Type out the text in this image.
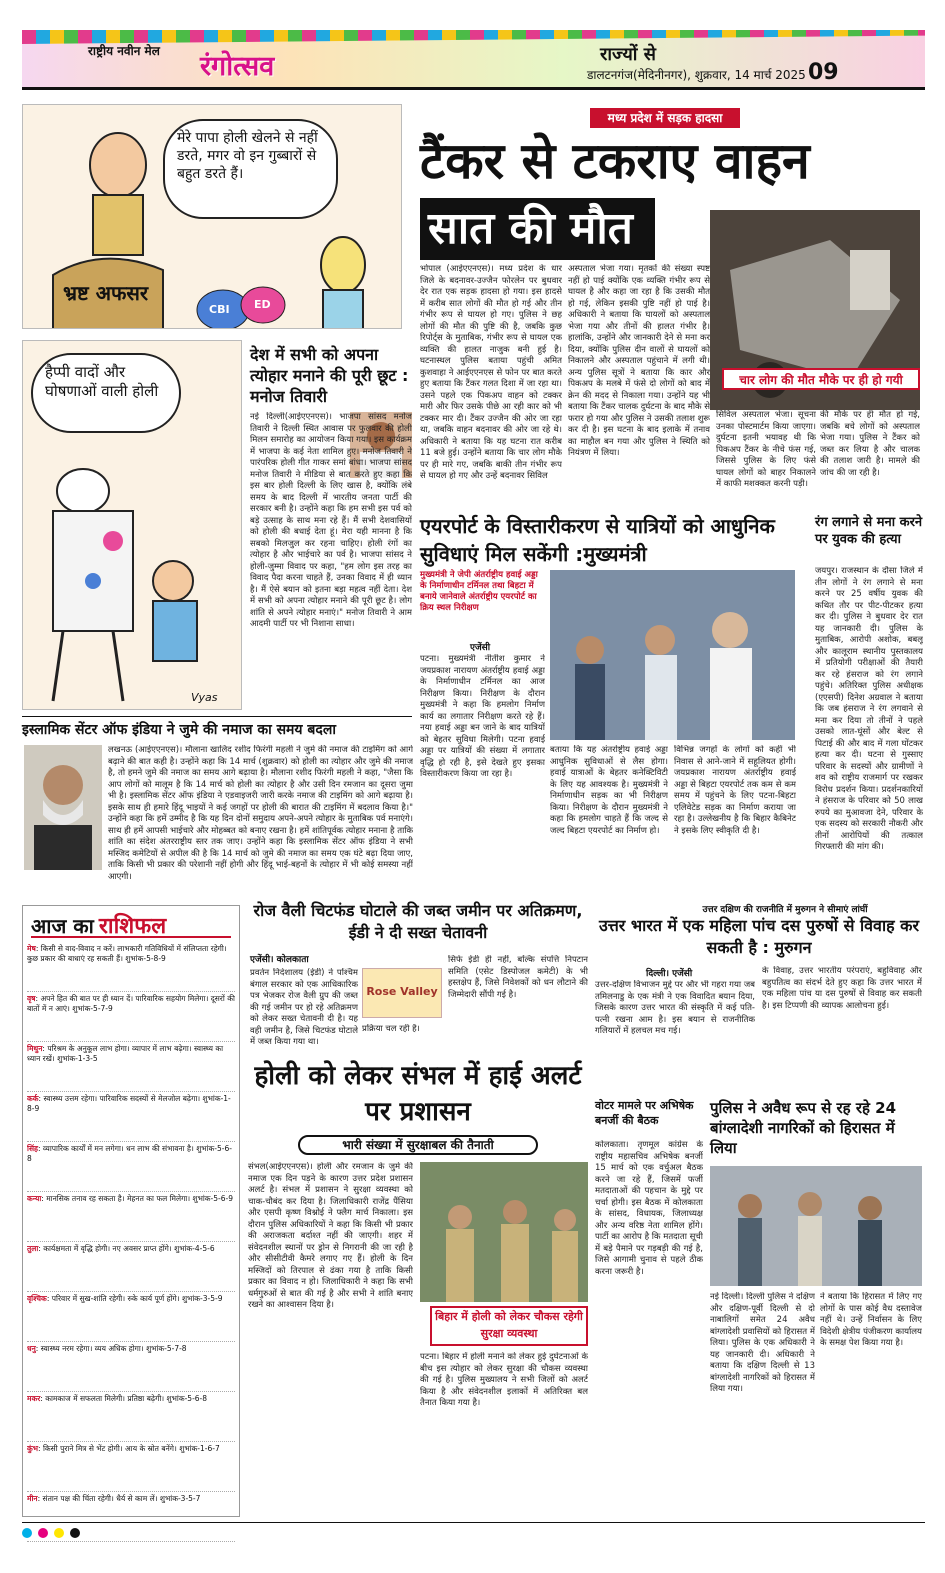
राष्ट्रीय नवीन मेल रंगोत्सव	राज्यों से
डालटनगंज(मेदिनीनगर), शुक्रवार, 14 मार्च 2025 09
मेरे पापा होली खेलने से नहीं डरते, मगर वो इन गुब्बारों से बहुत डरते हैं।
भ्रष्ट अफसर
CBI ED
हैप्पी वादों और घोषणाओं वाली होली
Vyas
मध्य प्रदेश में सड़क हादसा
टैंकर से टकराए वाहन
सात की मौत
भोपाल (आईएएनएस)। मध्य प्रदेश के धार जिले के बदनावर-उज्जैन फोरलेन पर बुधवार देर रात एक सड़क हादसा हो गया। इस हादसे में करीब सात लोगों की मौत हो गई और तीन गंभीर रूप से घायल हो गए। पुलिस ने छह लोगों की मौत की पुष्टि की है, जबकि कुछ रिपोर्ट्स के मुताबिक, गंभीर रूप से घायल एक व्यक्ति की हालत नाजुक बनी हुई है। घटनास्थल पुलिस बताया पहुंची अमित कुशवाहा ने आईएएनएस से फोन पर बात करते हुए बताया कि टैंकर गलत दिशा में जा रहा था। उसने पहले एक पिकअप वाहन को टक्कर मारी और फिर उसके पीछे आ रही कार को भी टक्कर मार दी। टैंकर उज्जैन की ओर जा रहा था, जबकि वाहन बदनावर की ओर जा रहे थे। अधिकारी ने बताया कि यह घटना रात करीब 11 बजे हुई। उन्होंने बताया कि चार लोग मौके पर ही मारे गए, जबकि बाकी तीन गंभीर रूप से घायल हो गए और उन्हें बदनावर सिविल
अस्पताल भेजा गया। मृतकों की संख्या स्पष्ट नहीं हो पाई क्योंकि एक व्यक्ति गंभीर रूप से घायल है और कहा जा रहा है कि उसकी मौत हो गई, लेकिन इसकी पुष्टि नहीं हो पाई है। अधिकारी ने बताया कि घायलों को अस्पताल भेजा गया और तीनों की हालत गंभीर है। हालांकि, उन्होंने और जानकारी देने से मना कर दिया, क्योंकि पुलिस दीन वालों से घायलों को निकालने और अस्पताल पहुंचाने में लगी थी। अन्य पुलिस सूत्रों ने बताया कि कार और पिकअप के मलबे में फंसे दो लोगों को बाद में क्रेन की मदद से निकाला गया। उन्होंने यह भी बताया कि टैंकर चालक दुर्घटना के बाद मौके से फरार हो गया और पुलिस ने उसकी तलाश शुरू कर दी है। इस घटना के बाद इलाके में तनाव का माहौल बन गया और पुलिस ने स्थिति को नियंत्रण में लिया।
चार लोग की मौत मौके पर ही हो गयी
सिविल अस्पताल भेजा। सूचना उनका पोस्टमार्टम किया जाएगा। दुर्घटना इतनी भयावह थी कि पिकअप टैंकर के नीचे फंस गई, जिससे पुलिस के लिए फंसे घायल लोगों को बाहर निकालने में काफी मशक्कत करनी पड़ी।
की मौके पर ही मौत हो गई, जबकि बचे लोगों को अस्पताल भेजा गया। पुलिस ने टैंकर को जब्त कर लिया है और चालक की तलाश जारी है। मामले की जांच की जा रही है।
देश में सभी को अपना त्योहार मनाने की पूरी छूट : मनोज तिवारी
नई दिल्ली(आईएएनएस)। भाजपा सांसद मनोज तिवारी ने दिल्ली स्थित आवास पर फुलवार की होली मिलन समारोह का आयोजन किया गया। इस कार्यक्रम में भाजपा के कई नेता शामिल हुए। मनोज तिवारी ने पारंपरिक होली गीत गाकर समां बांधा। भाजपा सांसद मनोज तिवारी ने मीडिया से बात करते हुए कहा कि इस बार होली दिल्ली के लिए खास है, क्योंकि लंबे समय के बाद दिल्ली में भारतीय जनता पार्टी की सरकार बनी है। उन्होंने कहा कि हम सभी इस पर्व को बड़े उत्साह के साथ मना रहे हैं। मैं सभी देशवासियों को होली की बधाई देता हूं। मेरा यही मानना है कि सबको मिलजुल कर रहना चाहिए। होली रंगों का त्योहार है और भाईचारे का पर्व है। भाजपा सांसद ने होली-जुम्मा विवाद पर कहा, "हम लोग इस तरह का विवाद पैदा करना चाहते हैं, उनका विवाद में ही ध्यान है। मैं ऐसे बयान को इतना बड़ा महत्व नहीं देता। देश में सभी को अपना त्योहार मनाने की पूरी छूट है। लोग शांति से अपने त्योहार मनाएं।" मनोज तिवारी ने आम आदमी पार्टी पर भी निशाना साधा।
इस्लामिक सेंटर ऑफ इंडिया ने जुमे की नमाज का समय बदला
लखनऊ (आईएएनएस)। मौलाना खालिद रशीद फिरंगी महली ने जुमे की नमाज की टाइमिंग को आगे बढ़ाने की बात कही है। उन्होंने कहा कि 14 मार्च (शुक्रवार) को होली का त्योहार और जुमे की नमाज है, तो हमने जुमे की नमाज का समय आगे बढ़ाया है। मौलाना रशीद फिरंगी महली ने कहा, "जैसा कि आप लोगों को मालूम है कि 14 मार्च को होली का त्योहार है और उसी दिन रमजान का दूसरा जुमा भी है। इस्लामिक सेंटर ऑफ इंडिया ने एडवाइजरी जारी करके नमाज की टाइमिंग को आगे बढ़ाया है। इसके साथ ही हमारे हिंदू भाइयों ने कई जगहों पर होली की बारात की टाइमिंग में बदलाव किया है।" उन्होंने कहा कि हमें उम्मीद है कि यह दिन दोनों समुदाय अपने-अपने त्योहार के मुताबिक पर्व मनाएंगे। साथ ही हमें आपसी भाईचारे और मोहब्बत को बनाए रखना है। हमें शांतिपूर्वक त्योहार मनाना है ताकि शांति का संदेश अंतरराष्ट्रीय स्तर तक जाए। उन्होंने कहा कि इस्लामिक सेंटर ऑफ इंडिया ने सभी मस्जिद कमेटियों से अपील की है कि 14 मार्च को जुमे की नमाज का समय एक घंटे बढ़ा दिया जाए, ताकि किसी भी प्रकार की परेशानी नहीं होगी और हिंदू भाई-बहनों के त्योहार में भी कोई समस्या नहीं आएगी।
एयरपोर्ट के विस्तारीकरण से यात्रियों को आधुनिक सुविधाएं मिल सकेंगी :मुख्यमंत्री
मुख्यमंत्री ने जेपी अंतर्राष्ट्रीय हवाई अड्डा के निर्माणाधीन टर्मिनल तथा बिहटा में बनाये जानेवाले अंतर्राष्ट्रीय एयरपोर्ट का क्रिय स्थल निरीक्षण
एजेंसी
पटना। मुख्यमंत्री नीतीश कुमार ने जयप्रकाश नारायण अंतर्राष्ट्रीय हवाई अड्डा के निर्माणाधीन टर्मिनल का आज निरीक्षण किया। निरीक्षण के दौरान मुख्यमंत्री ने कहा कि हमलोग निर्माण कार्य का लगातार निरीक्षण करते रहे हैं। नया हवाई अड्डा बन जाने के बाद यात्रियों को बेहतर सुविधा मिलेगी। पटना हवाई अड्डा पर यात्रियों की संख्या में लगातार वृद्धि हो रही है, इसे देखते हुए इसका विस्तारीकरण किया जा रहा है।
बताया कि यह अंतर्राष्ट्रीय हवाई अड्डा आधुनिक सुविधाओं से लैस होगा। हवाई यात्राओं के बेहतर कनेक्टिविटी के लिए यह आवश्यक है। मुख्यमंत्री ने निर्माणाधीन सड़क का भी निरीक्षण किया। निरीक्षण के दौरान मुख्यमंत्री ने कहा कि हमलोग चाहते हैं कि जल्द से जल्द बिहटा एयरपोर्ट का निर्माण हो।
विभिन्न जगहों के लोगों को कहीं भी निवास से आने-जाने में सहूलियत होगी। जयप्रकाश नारायण अंतर्राष्ट्रीय हवाई अड्डा से बिहटा एयरपोर्ट तक कम से कम समय में पहुंचने के लिए पटना-बिहटा एलिवेटेड सड़क का निर्माण कराया जा रहा है। उल्लेखनीय है कि बिहार कैबिनेट ने इसके लिए स्वीकृति दी है।
रंग लगाने से मना करने पर युवक की हत्या
जयपुर। राजस्थान के दौसा जिले में तीन लोगों ने रंग लगाने से मना करने पर 25 वर्षीय युवक की कथित तौर पर पीट-पीटकर हत्या कर दी। पुलिस ने बुधवार देर रात यह जानकारी दी। पुलिस के मुताबिक, आरोपी अशोक, बबलू और कालूराम स्थानीय पुस्तकालय में प्रतियोगी परीक्षाओं की तैयारी कर रहे हंसराज को रंग लगाने पहुंचे। अतिरिक्त पुलिस अधीक्षक (एएसपी) दिनेश अग्रवाल ने बताया कि जब हंसराज ने रंग लगवाने से मना कर दिया तो तीनों ने पहले उसको लात-घूंसों और बेल्ट से पिटाई की और बाद में गला घोंटकर हत्या कर दी। घटना से गुस्साए परिवार के सदस्यों और ग्रामीणों ने शव को राष्ट्रीय राजमार्ग पर रखकर विरोध प्रदर्शन किया। प्रदर्शनकारियों ने हंसराज के परिवार को 50 लाख रुपये का मुआवजा देने, परिवार के एक सदस्य को सरकारी नौकरी और तीनों आरोपियों की तत्काल गिरफ्तारी की मांग की।
आज का राशिफल
मेष: किसी से वाद-विवाद न करें। लाभकारी गतिविधियों में संलिप्तता रहेगी। कुछ प्रकार की बाधाएं रह सकती हैं। शुभांक-5-8-9
वृष: अपने हित की बात पर ही ध्यान दें। पारिवारिक सहयोग मिलेगा। दूसरों की बातों में न आएं। शुभांक-5-7-9
मिथुन: परिश्रम के अनुकूल लाभ होगा। व्यापार में लाभ बढ़ेगा। स्वास्थ्य का ध्यान रखें। शुभांक-1-3-5
कर्क: स्वास्थ्य उत्तम रहेगा। पारिवारिक सदस्यों से मेलजोल बढ़ेगा। शुभांक-1-8-9
सिंह: व्यापारिक कार्यों में मन लगेगा। धन लाभ की संभावना है। शुभांक-5-6-8
कन्या: मानसिक तनाव रह सकता है। मेहनत का फल मिलेगा। शुभांक-5-6-9
तुला: कार्यक्षमता में वृद्धि होगी। नए अवसर प्राप्त होंगे। शुभांक-4-5-6
वृश्चिक: परिवार में सुख-शांति रहेगी। रुके कार्य पूर्ण होंगे। शुभांक-3-5-9
धनु: स्वास्थ्य नरम रहेगा। व्यय अधिक होगा। शुभांक-5-7-8
मकर: कामकाज में सफलता मिलेगी। प्रतिष्ठा बढ़ेगी। शुभांक-5-6-8
कुंभ: किसी पुराने मित्र से भेंट होगी। आय के स्रोत बनेंगे। शुभांक-1-6-7
मीन: संतान पक्ष की चिंता रहेगी। धैर्य से काम लें। शुभांक-3-5-7
रोज वैली चिटफंड घोटाले की जब्त जमीन पर अतिक्रमण, ईडी ने दी सख्त चेतावनी
एजेंसी। कोलकाता
प्रवर्तन निदेशालय (ईडी) ने पश्चिम बंगाल सरकार को एक आधिकारिक पत्र भेजकर रोज वैली ग्रुप की जब्त की गई जमीन पर हो रहे अतिक्रमण को लेकर सख्त चेतावनी दी है। यह वही जमीन है, जिसे चिटफंड घोटाले में जब्त किया गया था।
Rose Valley
प्रक्रिया चल रही है।
सिर्फ ईडी ही नहीं, बल्कि संपत्ति निपटान समिति (एसेट डिस्पोजल कमेटी) के भी हस्तक्षेप हैं, जिसे निवेशकों को धन लौटाने की जिम्मेदारी सौंपी गई है।
उत्तर दक्षिण की राजनीति में मुरुगन ने सीमाएं लांघीं
उत्तर भारत में एक महिला पांच दस पुरुषों से विवाह कर सकती है : मुरुगन
दिल्ली। एजेंसी
उत्तर-दक्षिण विभाजन मुद्दे पर और भी गहरा गया जब तमिलनाडु के एक मंत्री ने एक विवादित बयान दिया, जिसके कारण उत्तर भारत की संस्कृति में कई पति-पत्नी रखना आम है। इस बयान से राजनीतिक गलियारों में हलचल मच गई।
के विवाह, उत्तर भारतीय परंपराएं, बहुविवाह और बहुपतित्व का संदर्भ देते हुए कहा कि उत्तर भारत में एक महिला पांच या दस पुरुषों से विवाह कर सकती है। इस टिप्पणी की व्यापक आलोचना हुई।
होली को लेकर संभल में हाई अलर्ट पर प्रशासन
भारी संख्या में सुरक्षाबल की तैनाती
संभल(आईएएनएस)। होली और रमजान के जुमे की नमाज एक दिन पड़ने के कारण उत्तर प्रदेश प्रशासन अलर्ट है। संभल में प्रशासन ने सुरक्षा व्यवस्था को चाक-चौबंद कर दिया है। जिलाधिकारी राजेंद्र पैंसिया और एसपी कृष्ण विश्नोई ने फ्लैग मार्च निकाला। इस दौरान पुलिस अधिकारियों ने कहा कि किसी भी प्रकार की अराजकता बर्दाश्त नहीं की जाएगी। शहर में संवेदनशील स्थानों पर ड्रोन से निगरानी की जा रही है और सीसीटीवी कैमरे लगाए गए हैं। होली के दिन मस्जिदों को तिरपाल से ढंका गया है ताकि किसी प्रकार का विवाद न हो। जिलाधिकारी ने कहा कि सभी धर्मगुरुओं से बात की गई है और सभी ने शांति बनाए रखने का आश्वासन दिया है।
बिहार में होली को लेकर चौकस रहेगी सुरक्षा व्यवस्था
पटना। बिहार में होली मनाने को लेकर हुई दुर्घटनाओं के बीच इस त्योहार को लेकर सुरक्षा की चौकस व्यवस्था की गई है। पुलिस मुख्यालय ने सभी जिलों को अलर्ट किया है और संवेदनशील इलाकों में अतिरिक्त बल तैनात किया गया है।
वोटर मामले पर अभिषेक बनर्जी की बैठक
कोलकाता। तृणमूल कांग्रेस के राष्ट्रीय महासचिव अभिषेक बनर्जी 15 मार्च को एक वर्चुअल बैठक करने जा रहे हैं, जिसमें फर्जी मतदाताओं की पहचान के मुद्दे पर चर्चा होगी। इस बैठक में कोलकाता के सांसद, विधायक, जिलाध्यक्ष और अन्य वरिष्ठ नेता शामिल होंगे। पार्टी का आरोप है कि मतदाता सूची में बड़े पैमाने पर गड़बड़ी की गई है, जिसे आगामी चुनाव से पहले ठीक करना जरूरी है।
पुलिस ने अवैध रूप से रह रहे 24 बांग्लादेशी नागरिकों को हिरासत में लिया
नई दिल्ली। दिल्ली पुलिस ने दक्षिण और दक्षिण-पूर्वी दिल्ली से दो नाबालिगों समेत 24 अवैध बांग्लादेशी प्रवासियों को हिरासत में लिया। पुलिस के एक अधिकारी ने यह जानकारी दी। अधिकारी ने बताया कि दक्षिण दिल्ली से 13 बांग्लादेशी नागरिकों को हिरासत में लिया गया।
ने बताया कि हिरासत में लिए गए लोगों के पास कोई वैध दस्तावेज नहीं थे। उन्हें निर्वासन के लिए विदेशी क्षेत्रीय पंजीकरण कार्यालय के समक्ष पेश किया गया है।
